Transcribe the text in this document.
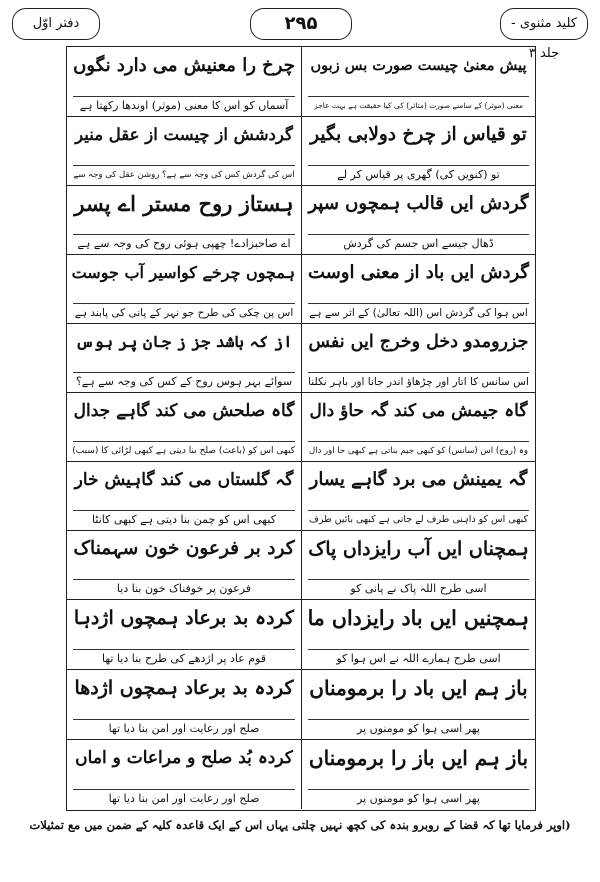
دفتر اوّل	۲۹۵	کلید مثنوی - جلد ۳
پیش معنیٰ چیست صورت بس زبوں
معنی (موثر) کے سامنے صورت (متاثر) کی کیا حقیقت ہے بہت عاجز
چرخ را معنیش می دارد نگوں
آسماں کو اس کا معنی (موثر) اوندھا رکھتا ہے
تو قیاس از چرخ دولابی بگیر
تو (کنویں کی) گھری پر قیاس کر لے
گردشش از چیست از عقل منیر
اس کی گردش کس کی وجہ سے ہے؟ روشن عقل کی وجہ سے
گردش ایں قالب ہمچوں سپر
ڈھال جیسے اس جسم کی گردش
ہستاز روح مستر اے پسر
اے صاحبزادے! چھپی ہوئی روح کی وجہ سے ہے
گردش ایں باد از معنی اوست
اس ہوا کی گردش اس (اللہ تعالیٰ) کے اثر سے ہے
ہمچوں چرخے کواسیر آب جوست
اس پن چکی کی طرح جو نہر کے پانی کی پابند ہے
جزرومدو دخل وخرج ایں نفس
اس سانس کا اتار اور چڑھاؤ اندر جانا اور باہر نکلنا
از کہ باشد جز ز جان پر ہوس
سوائے بہر ہوس روح کے کس کی وجہ سے ہے؟
گاہ جیمش می کند گہ حاؤ دال
وہ (روح) اس (سانس) کو کبھی جیم بناتی ہے کبھی حا اور دال
گاہ صلحش می کند گاہے جدال
کبھی اس کو (باعث) صلح بنا دیتی ہے کبھی لڑائی کا (سبب)
گہ یمینش می برد گاہے یسار
کبھی اس کو داہنی طرف لے جاتی ہے کبھی بائیں طرف
گہ گلستاں می کند گاہیش خار
کبھی اس کو چمن بنا دیتی ہے کبھی کانٹا
ہمچناں ایں آب رایزداں پاک
اسی طرح اللہ پاک نے پانی کو
کرد بر فرعون خون سہمناک
فرعون پر خوفناک خون بنا دیا
ہمچنیں ایں باد رایزداں ما
اسی طرح ہمارے اللہ نے اس ہوا کو
کردہ بد برعاد ہمچوں اژدہا
قوم عاد پر اژدھے کی طرح بنا دیا تھا
باز ہم ایں باد را برمومناں
پھر اسی ہوا کو مومنوں پر
کردہ بد برعاد ہمچوں اژدھا
صلح اور رعایت اور امن بنا دیا تھا
باز ہم ایں باز را برمومناں
پھر اسی ہوا کو مومنوں پر
کردہ بُد صلح و مراعات و اماں
صلح اور رعایت اور امن بنا دیا تھا
(اوپر فرمایا تھا کہ قضا کے روبرو بندہ کی کچھ نہیں چلتی یہاں اس کے ایک قاعدہ کلیہ کے ضمن میں مع تمثیلات
